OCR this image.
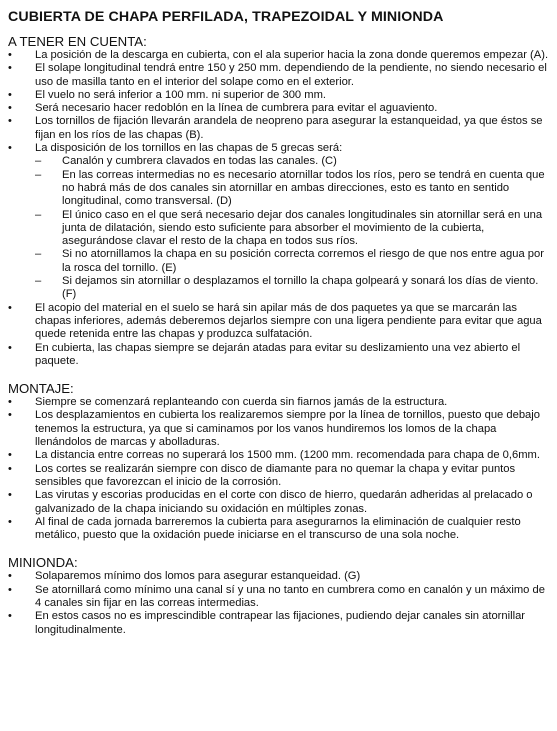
CUBIERTA DE CHAPA PERFILADA, TRAPEZOIDAL Y MINIONDA
A TENER EN CUENTA:
• La posición de la descarga en cubierta, con el ala superior hacia la zona donde queremos empezar (A).
• El solape longitudinal tendrá entre 150 y 250 mm. dependiendo de la pendiente, no siendo necesario el uso de masilla tanto en el interior del solape como en el exterior.
• El vuelo no será inferior a 100 mm. ni superior de 300 mm.
• Será necesario hacer redoblón en la línea de cumbrera para evitar el aguaviento.
• Los tornillos de fijación llevarán arandela de neopreno para asegurar la estanqueidad, ya que éstos se fijan en los ríos de las chapas (B).
• La disposición de los tornillos en las chapas de 5 grecas será:
– Canalón y cumbrera clavados en todas las canales. (C)
– En las correas intermedias no es necesario atornillar todos los ríos, pero se tendrá en cuenta que no habrá más de dos canales sin atornillar en ambas direcciones, esto es tanto en sentido longitudinal, como transversal. (D)
– El único caso en el que será necesario dejar dos canales longitudinales sin atornillar será en una junta de dilatación, siendo esto suficiente para absorber el movimiento de la cubierta, asegurándose clavar el resto de la chapa en todos sus ríos.
– Si no atornillamos la chapa en su posición correcta corremos el riesgo de que nos entre agua por la rosca del tornillo. (E)
– Si dejamos sin atornillar o desplazamos el tornillo la chapa golpeará y sonará los días de viento. (F)
• El acopio del material en el suelo se hará sin apilar más de dos paquetes ya que se marcarán las chapas inferiores, además deberemos dejarlos siempre con una ligera pendiente para evitar que agua quede retenida entre las chapas y produzca sulfatación.
• En cubierta, las chapas siempre se dejarán atadas para evitar su deslizamiento una vez abierto el paquete.
MONTAJE:
• Siempre se comenzará replanteando con cuerda sin fiarnos jamás de la estructura.
• Los desplazamientos en cubierta los realizaremos siempre por la línea de tornillos, puesto que debajo tenemos la estructura, ya que si caminamos por los vanos hundiremos los lomos de la chapa llenándolos de marcas y abolladuras.
• La distancia entre correas no superará los 1500 mm. (1200 mm. recomendada para chapa de 0,6mm.
• Los cortes se realizarán siempre con disco de diamante para no quemar la chapa y evitar puntos sensibles que favorezcan el inicio de la corrosión.
• Las virutas y escorias producidas en el corte con disco de hierro, quedarán adheridas al prelacado o galvanizado de la chapa iniciando su oxidación en múltiples zonas.
• Al final de cada jornada barreremos la cubierta para asegurarnos la eliminación de cualquier resto metálico, puesto que la oxidación puede iniciarse en el transcurso de una sola noche.
MINIONDA:
• Solaparemos mínimo dos lomos para asegurar estanqueidad. (G)
• Se atornillará como mínimo una canal sí y una no tanto en cumbrera como en canalón y un máximo de 4 canales sin fijar en las correas intermedias.
• En estos casos no es imprescindible contrapear las fijaciones, pudiendo dejar canales sin atornillar longitudinalmente.
